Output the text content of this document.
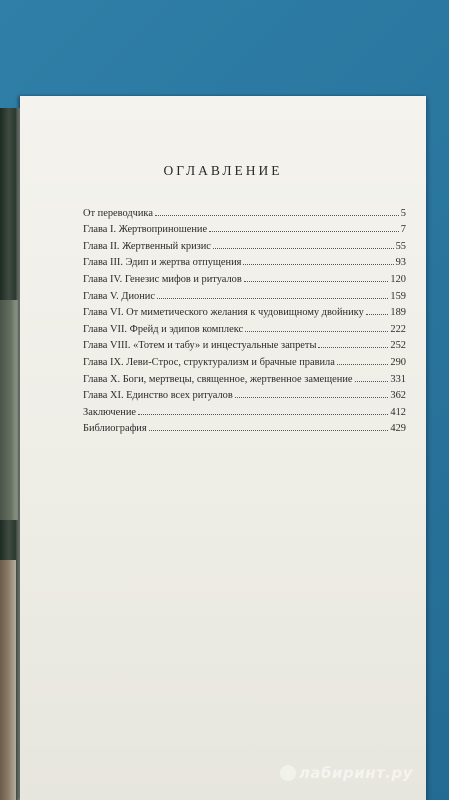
ОГЛАВЛЕНИЕ
От переводчика	5
Глава I. Жертвоприношение	7
Глава II. Жертвенный кризис	55
Глава III. Эдип и жертва отпущения	93
Глава IV. Генезис мифов и ритуалов	120
Глава V. Дионис	159
Глава VI. От миметического желания к чудовищному двойнику	189
Глава VII. Фрейд и эдипов комплекс	222
Глава VIII. «Тотем и табу» и инцестуальные запреты	252
Глава IX. Леви-Строс, структурализм и брачные правила	290
Глава X. Боги, мертвецы, священное, жертвенное замещение	331
Глава XI. Единство всех ритуалов	362
Заключение	412
Библиография	429
лабиринт.ру
